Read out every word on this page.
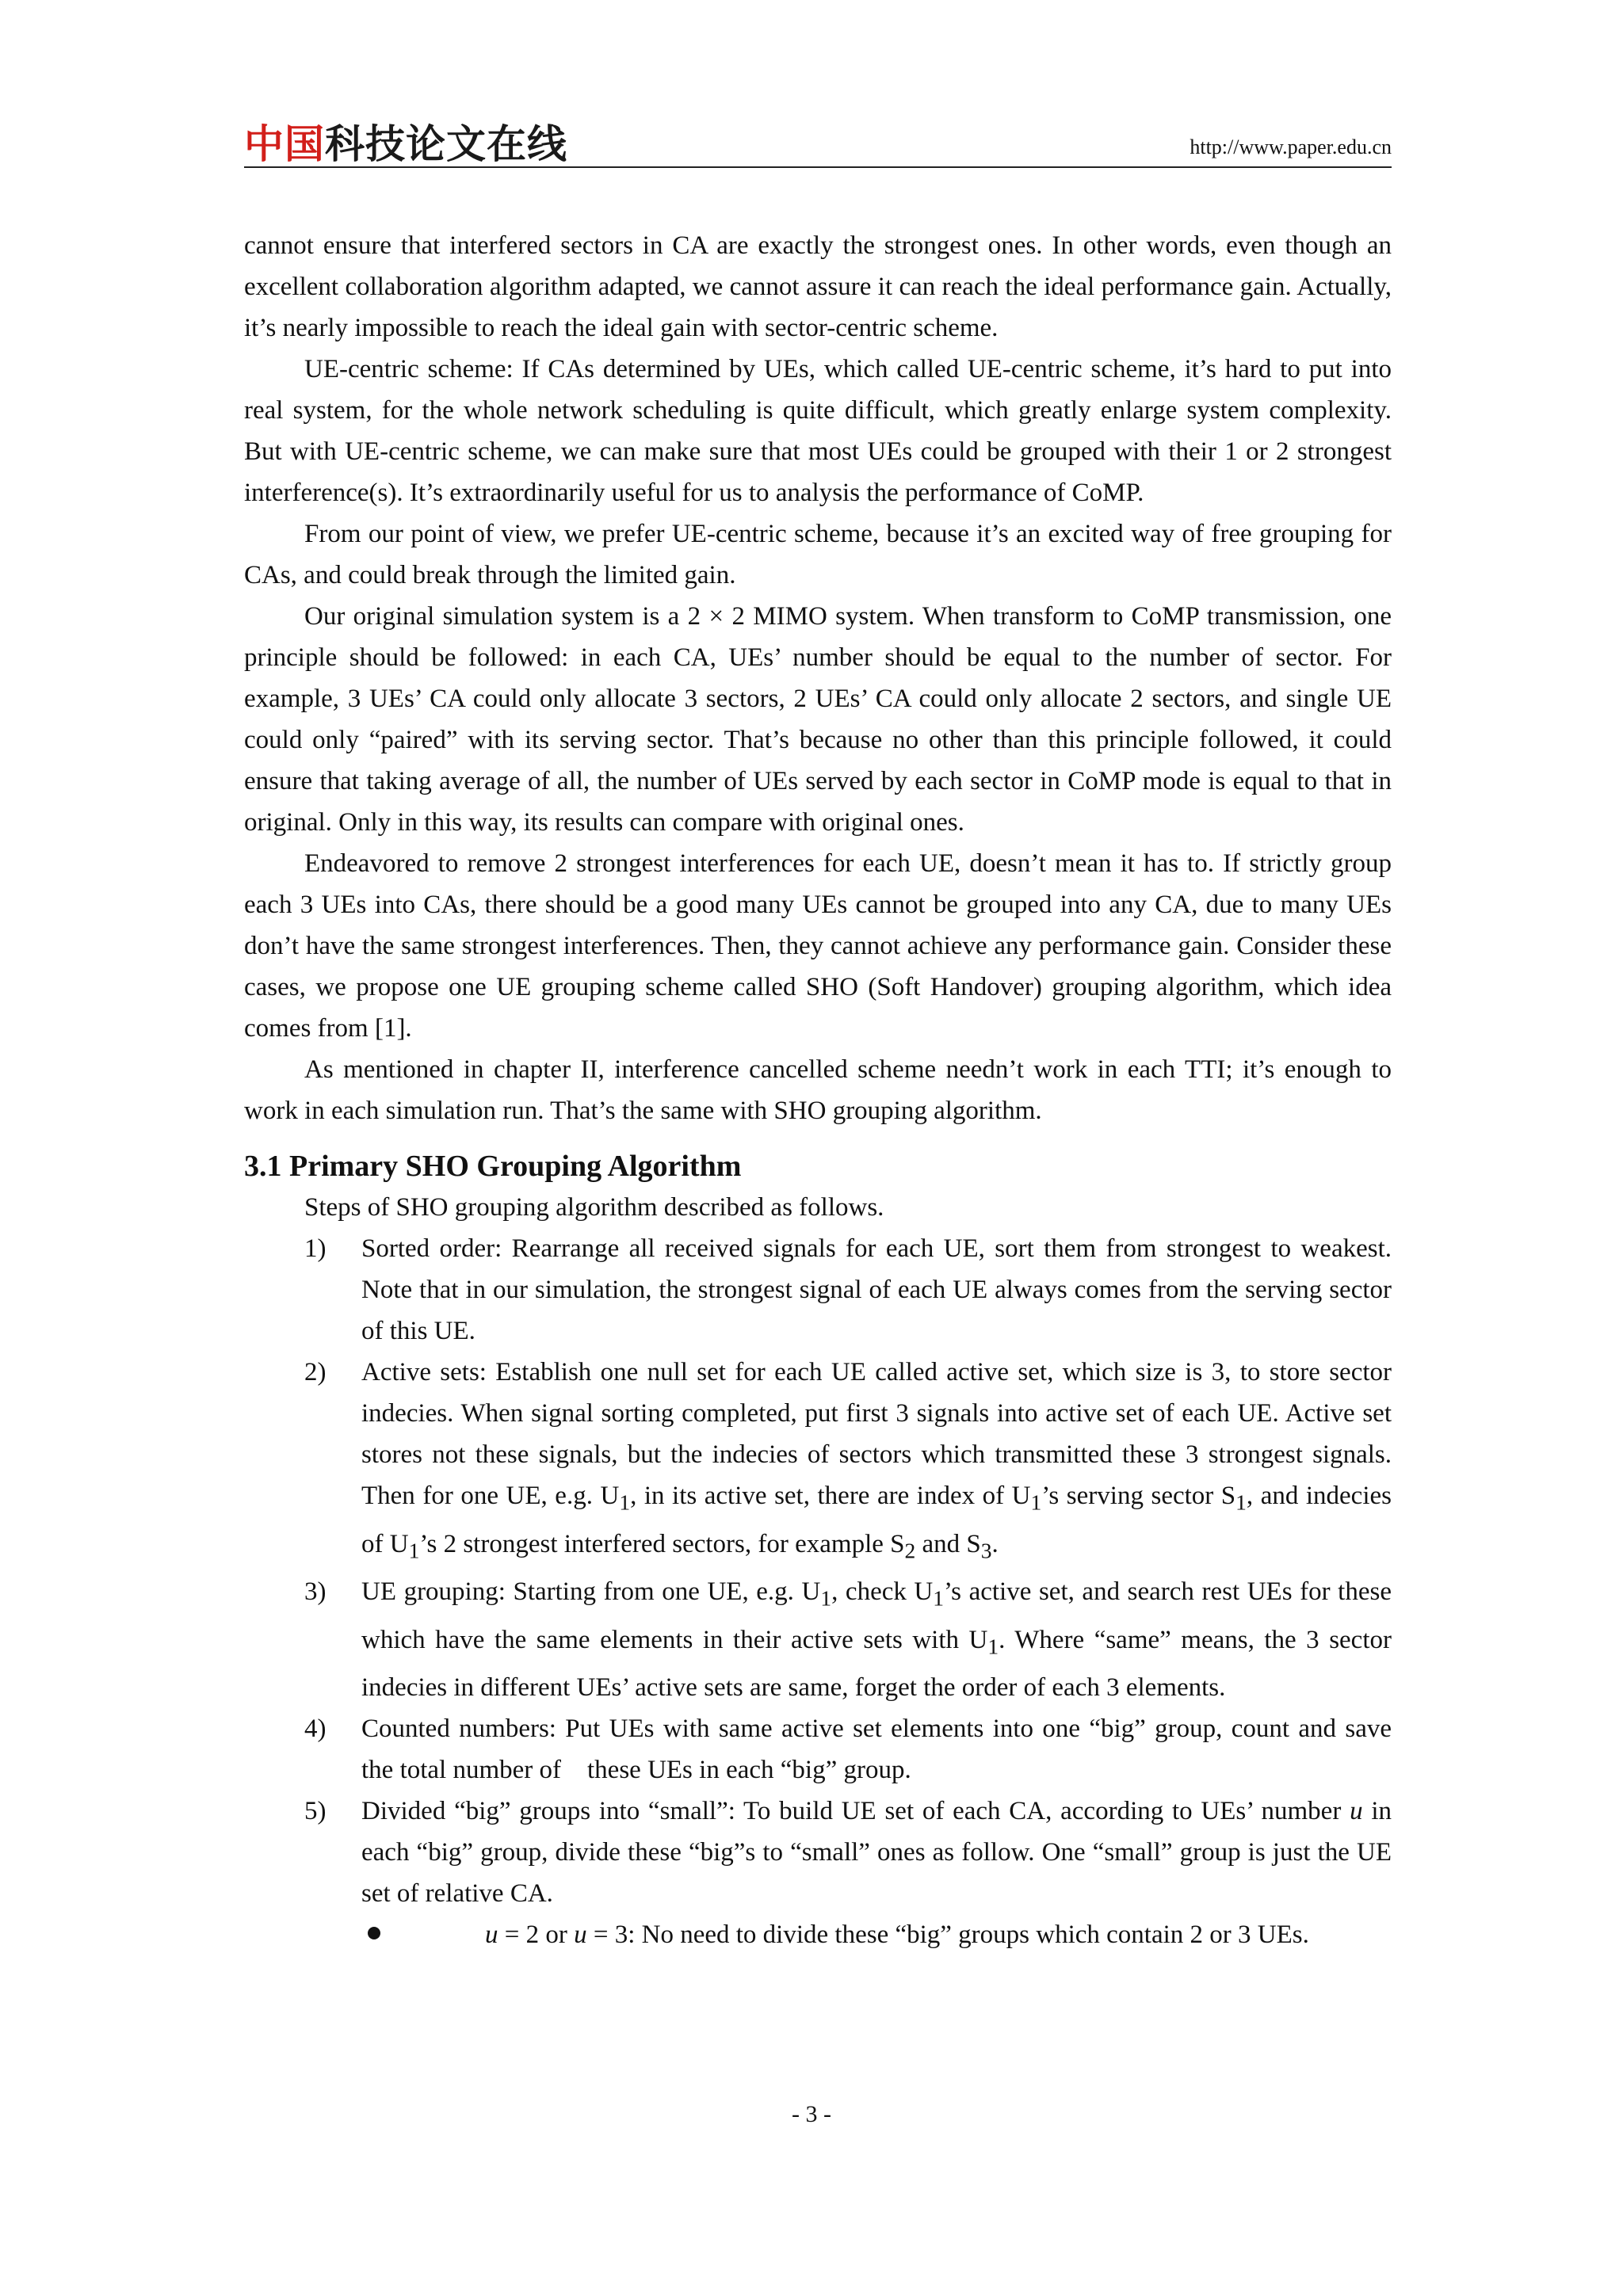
中国科技论文在线	http://www.paper.edu.cn

cannot ensure that interfered sectors in CA are exactly the strongest ones. In other words, even though an excellent collaboration algorithm adapted, we cannot assure it can reach the ideal performance gain. Actually, it’s nearly impossible to reach the ideal gain with sector-centric scheme.

UE-centric scheme: If CAs determined by UEs, which called UE-centric scheme, it’s hard to put into real system, for the whole network scheduling is quite difficult, which greatly enlarge system complexity. But with UE-centric scheme, we can make sure that most UEs could be grouped with their 1 or 2 strongest interference(s). It’s extraordinarily useful for us to analysis the performance of CoMP.

From our point of view, we prefer UE-centric scheme, because it’s an excited way of free grouping for CAs, and could break through the limited gain.

Our original simulation system is a 2 × 2 MIMO system. When transform to CoMP transmission, one principle should be followed: in each CA, UEs’ number should be equal to the number of sector. For example, 3 UEs’ CA could only allocate 3 sectors, 2 UEs’ CA could only allocate 2 sectors, and single UE could only “paired” with its serving sector. That’s because no other than this principle followed, it could ensure that taking average of all, the number of UEs served by each sector in CoMP mode is equal to that in original. Only in this way, its results can compare with original ones.

Endeavored to remove 2 strongest interferences for each UE, doesn’t mean it has to. If strictly group each 3 UEs into CAs, there should be a good many UEs cannot be grouped into any CA, due to many UEs don’t have the same strongest interferences. Then, they cannot achieve any performance gain. Consider these cases, we propose one UE grouping scheme called SHO (Soft Handover) grouping algorithm, which idea comes from [1].

As mentioned in chapter II, interference cancelled scheme needn’t work in each TTI; it’s enough to work in each simulation run. That’s the same with SHO grouping algorithm.

3.1 Primary SHO Grouping Algorithm

Steps of SHO grouping algorithm described as follows.

1)	Sorted order: Rearrange all received signals for each UE, sort them from strongest to weakest. Note that in our simulation, the strongest signal of each UE always comes from the serving sector of this UE.
2)	Active sets: Establish one null set for each UE called active set, which size is 3, to store sector indecies. When signal sorting completed, put first 3 signals into active set of each UE. Active set stores not these signals, but the indecies of sectors which transmitted these 3 strongest signals. Then for one UE, e.g. $U_1$, in its active set, there are index of $U_1’s$ serving sector $S_1$, and indecies of $U_1’s$ 2 strongest interfered sectors, for example $S_2$ and $S_3$.
3)	UE grouping: Starting from one UE, e.g. $U_1$, check $U_1’s$ active set, and search rest UEs for these which have the same elements in their active sets with $U_1$. Where “same” means, the 3 sector indecies in different UEs’ active sets are same, forget the order of each 3 elements.
4)	Counted numbers: Put UEs with same active set elements into one “big” group, count and save the total number of    these UEs in each “big” group.
5)	Divided “big” groups into “small”: To build UE set of each CA, according to UEs’ number u in each “big” group, divide these “big”s to “small” ones as follow. One “small” group is just the UE set of relative CA.
u = 2 or u = 3: No need to divide these “big” groups which contain 2 or 3 UEs.
- 3 -
